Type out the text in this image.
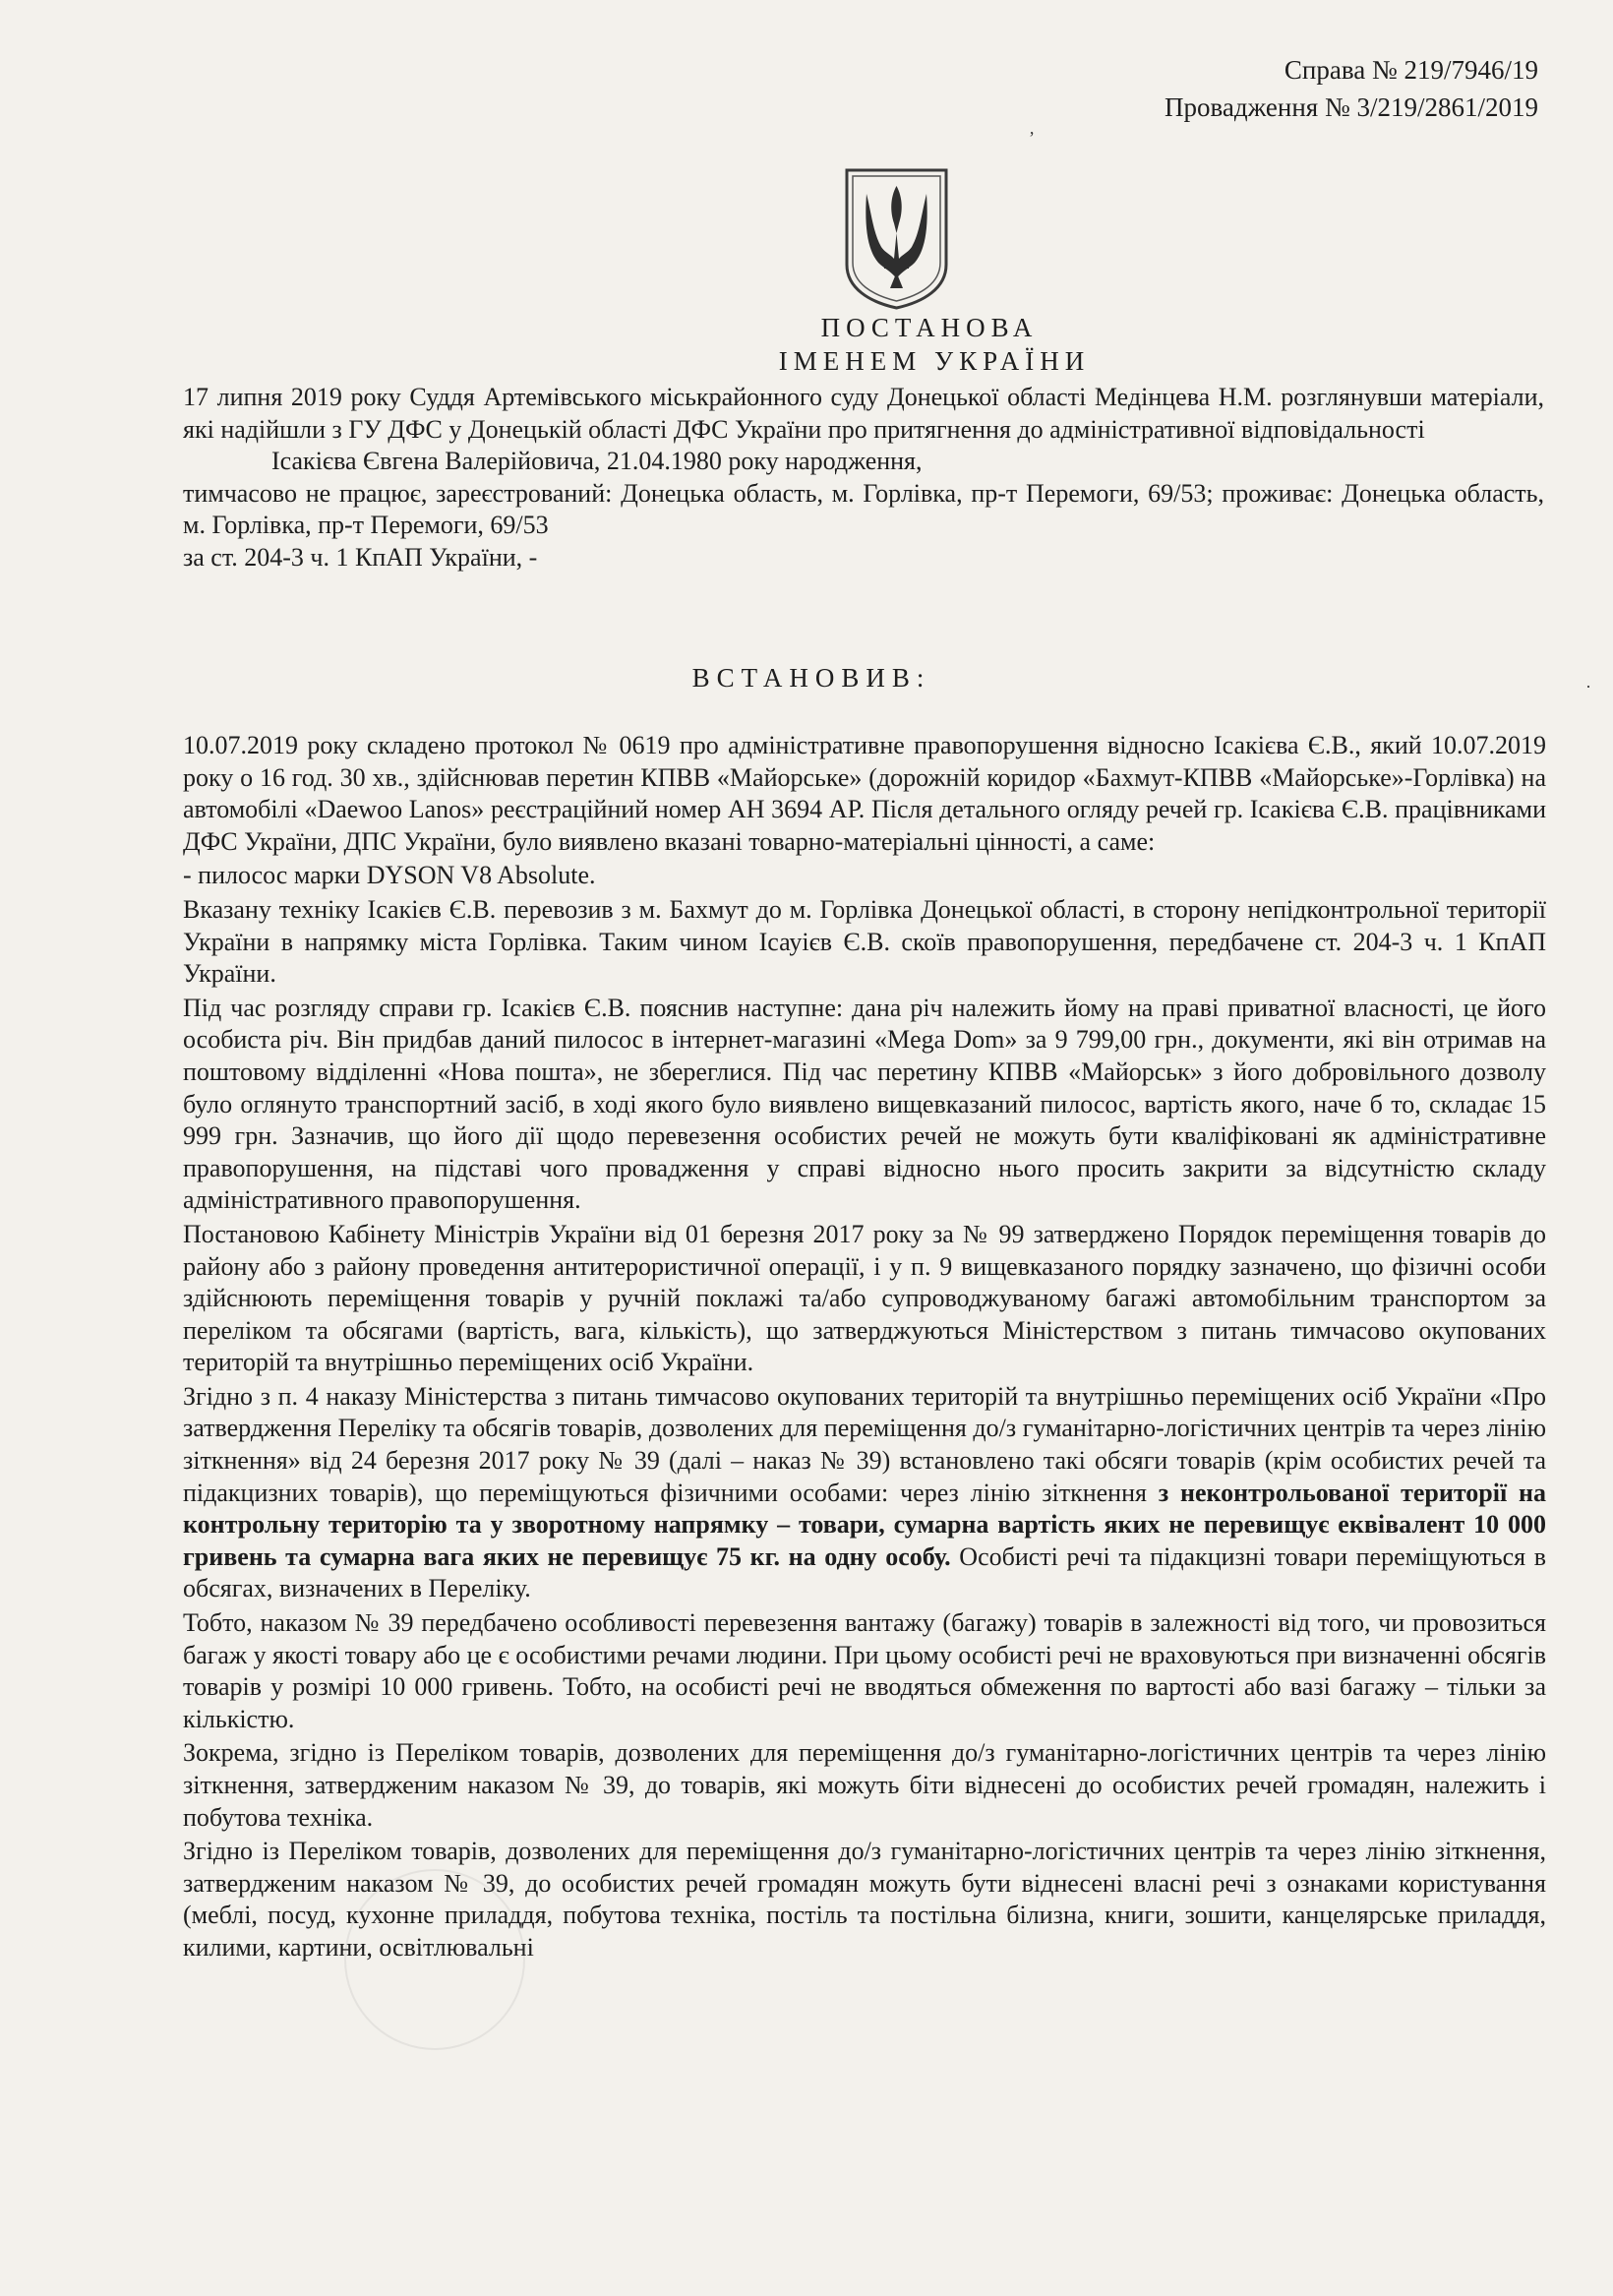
Справа № 219/7946/19
Провадження № 3/219/2861/2019
ПОСТАНОВА
ІМЕНЕМ УКРАЇНИ

17 липня 2019 року Суддя Артемівського міськрайонного суду Донецької області Медінцева Н.М. розглянувши матеріали, які надійшли з ГУ ДФС у Донецькій області ДФС України про притягнення до адміністративної відповідальності

Ісакієва Євгена Валерійовича, 21.04.1980 року народження,

тимчасово не працює, зареєстрований: Донецька область, м. Горлівка, пр-т Перемоги, 69/53; проживає: Донецька область, м. Горлівка, пр-т Перемоги, 69/53

за ст. 204-3 ч. 1 КпАП України, -

ВСТАНОВИВ:

10.07.2019 року складено протокол № 0619 про адміністративне правопорушення відносно Ісакієва Є.В., який 10.07.2019 року о 16 год. 30 хв., здійснював перетин КПВВ «Майорське» (дорожній коридор «Бахмут-КПВВ «Майорське»-Горлівка) на автомобілі «Daewoo Lanos» реєстраційний номер АН 3694 АР. Після детального огляду речей гр. Ісакієва Є.В. працівниками ДФС України, ДПС України, було виявлено вказані товарно-матеріальні цінності, а саме:

- пилосос марки DYSON V8 Absolute.

Вказану техніку Ісакієв Є.В. перевозив з м. Бахмут до м. Горлівка Донецької області, в сторону непідконтрольної території України в напрямку міста Горлівка. Таким чином Ісауієв Є.В. скоїв правопорушення, передбачене ст. 204-3 ч. 1 КпАП України.

Під час розгляду справи гр. Ісакієв Є.В. пояснив наступне: дана річ належить йому на праві приватної власності, це його особиста річ. Він придбав даний пилосос в інтернет-магазині «Mega Dom» за 9 799,00 грн., документи, які він отримав на поштовому відділенні «Нова пошта», не збереглися. Під час перетину КПВВ «Майорськ» з його добровільного дозволу було оглянуто транспортний засіб, в ході якого було виявлено вищевказаний пилосос, вартість якого, наче б то, складає 15 999 грн. Зазначив, що його дії щодо перевезення особистих речей не можуть бути кваліфіковані як адміністративне правопорушення, на підставі чого провадження у справі відносно нього просить закрити за відсутністю складу адміністративного правопорушення.

Постановою Кабінету Міністрів України від 01 березня 2017 року за № 99 затверджено Порядок переміщення товарів до району або з району проведення антитерористичної операції, і у п. 9 вищевказаного порядку зазначено, що фізичні особи здійснюють переміщення товарів у ручній поклажі та/або супроводжуваному багажі автомобільним транспортом за переліком та обсягами (вартість, вага, кількість), що затверджуються Міністерством з питань тимчасово окупованих територій та внутрішньо переміщених осіб України.

Згідно з п. 4 наказу Міністерства з питань тимчасово окупованих територій та внутрішньо переміщених осіб України «Про затвердження Переліку та обсягів товарів, дозволених для переміщення до/з гуманітарно-логістичних центрів та через лінію зіткнення» від 24 березня 2017 року № 39 (далі – наказ № 39) встановлено такі обсяги товарів (крім особистих речей та підакцизних товарів), що переміщуються фізичними особами: через лінію зіткнення з неконтрольованої території на контрольну територію та у зворотному напрямку – товари, сумарна вартість яких не перевищує еквівалент 10 000 гривень та сумарна вага яких не перевищує 75 кг. на одну особу. Особисті речі та підакцизні товари переміщуються в обсягах, визначених в Переліку.

Тобто, наказом № 39 передбачено особливості перевезення вантажу (багажу) товарів в залежності від того, чи провозиться багаж у якості товару або це є особистими речами людини. При цьому особисті речі не враховуються при визначенні обсягів товарів у розмірі 10 000 гривень. Тобто, на особисті речі не вводяться обмеження по вартості або вазі багажу – тільки за кількістю.

Зокрема, згідно із Переліком товарів, дозволених для переміщення до/з гуманітарно-логістичних центрів та через лінію зіткнення, затвердженим наказом № 39, до товарів, які можуть біти віднесені до особистих речей громадян, належить і побутова техніка.

Згідно із Переліком товарів, дозволених для переміщення до/з гуманітарно-логістичних центрів та через лінію зіткнення, затвердженим наказом № 39, до особистих речей громадян можуть бути віднесені власні речі з ознаками користування (меблі, посуд, кухонне приладдя, побутова техніка, постіль та постільна білизна, книги, зошити, канцелярське приладдя, килими, картини, освітлювальні

ʼ
·
